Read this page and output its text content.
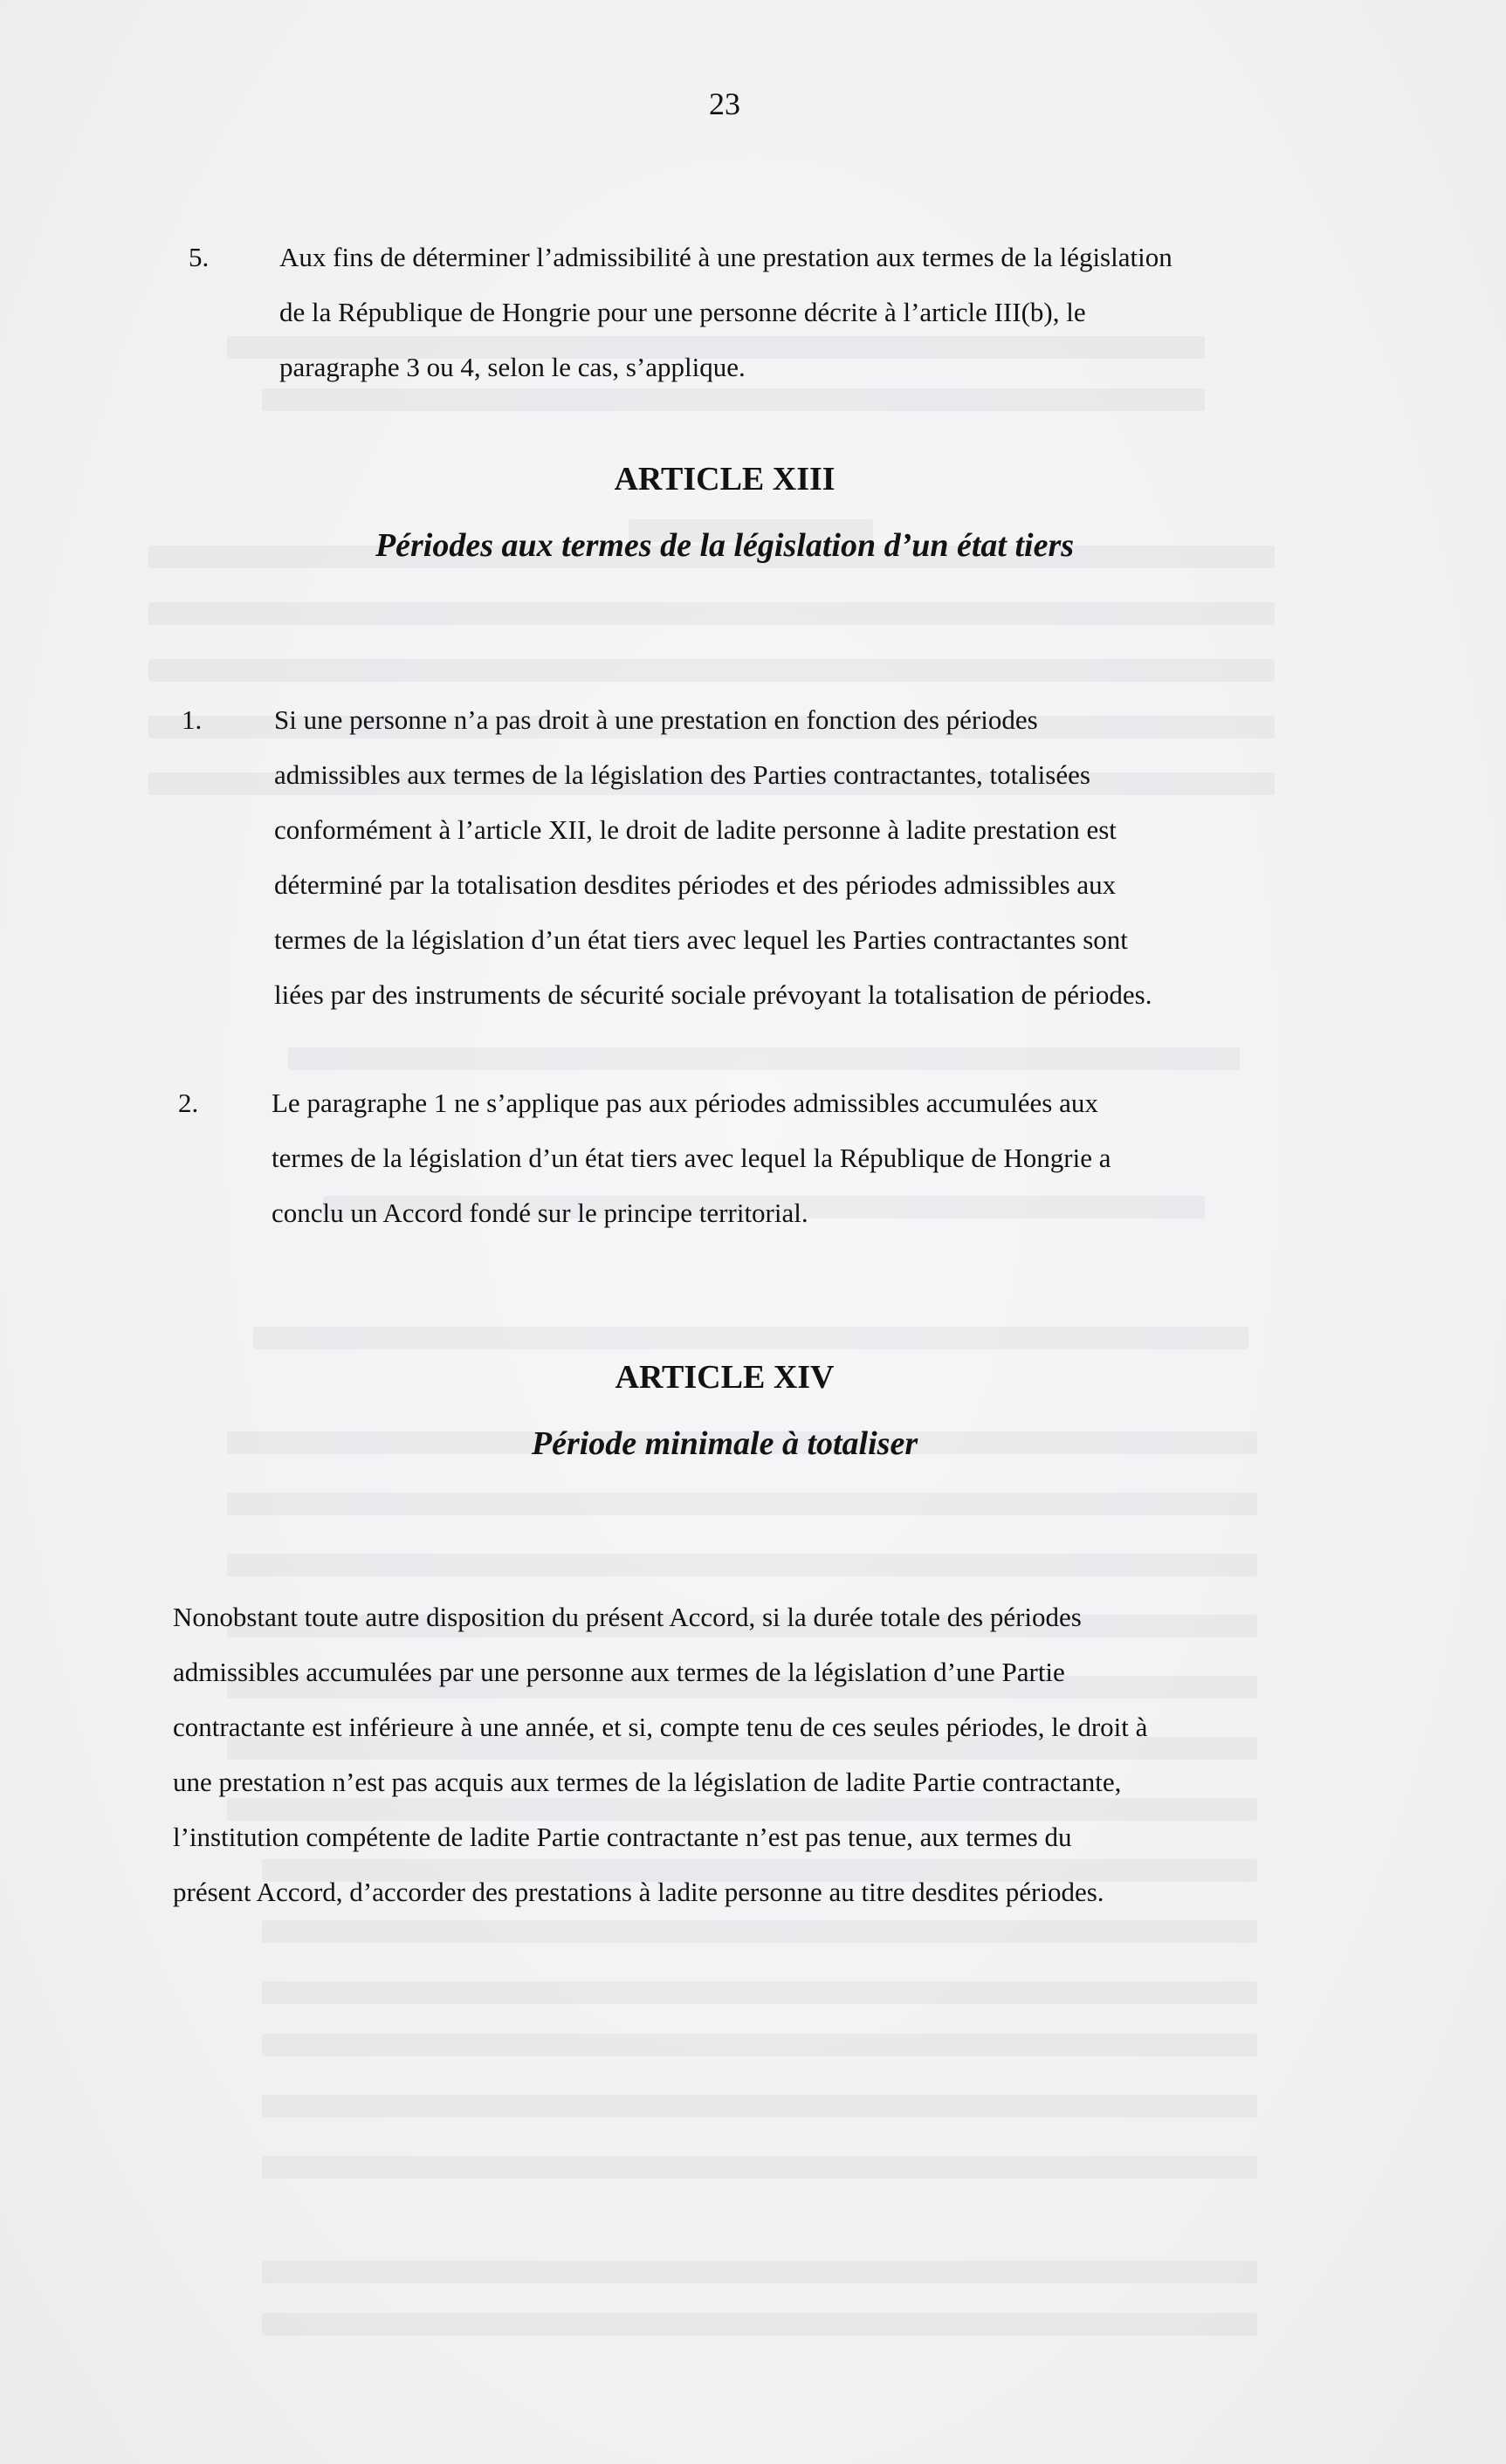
23
5.	Aux fins de déterminer l’admissibilité à une prestation aux termes de la législation
de la République de Hongrie pour une personne décrite à l’article III(b), le
paragraphe 3 ou 4, selon le cas, s’applique.
ARTICLE XIII
Périodes aux termes de la législation d’un état tiers
1.	Si une personne n’a pas droit à une prestation en fonction des périodes
admissibles aux termes de la législation des Parties contractantes, totalisées
conformément à l’article XII, le droit de ladite personne à ladite prestation est
déterminé par la totalisation desdites périodes et des périodes admissibles aux
termes de la législation d’un état tiers avec lequel les Parties contractantes sont
liées par des instruments de sécurité sociale prévoyant la totalisation de périodes.
2.	Le paragraphe 1 ne s’applique pas aux périodes admissibles accumulées aux
termes de la législation d’un état tiers avec lequel la République de Hongrie a
conclu un Accord fondé sur le principe territorial.
ARTICLE XIV
Période minimale à totaliser
Nonobstant toute autre disposition du présent Accord, si la durée totale des périodes
admissibles accumulées par une personne aux termes de la législation d’une Partie
contractante est inférieure à une année, et si, compte tenu de ces seules périodes, le droit à
une prestation n’est pas acquis aux termes de la législation de ladite Partie contractante,
l’institution compétente de ladite Partie contractante n’est pas tenue, aux termes du
présent Accord, d’accorder des prestations à ladite personne au titre desdites périodes.
